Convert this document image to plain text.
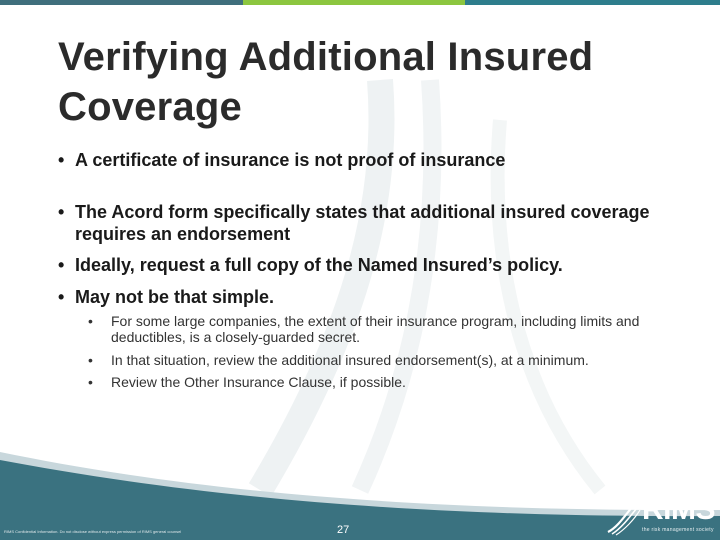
Verifying Additional Insured
Coverage
• A certificate of insurance is not proof of insurance
• The Acord form specifically states that additional insured coverage requires an endorsement
• Ideally, request a full copy of the Named Insured’s policy.
• May not be that simple.
• For some large companies, the extent of their insurance program, including limits and deductibles, is a closely-guarded secret.
• In that situation, review the additional insured endorsement(s), at a minimum.
• Review the Other Insurance Clause, if possible.
RIMS Confidential Information. Do not disclose without express permission of RIMS general counsel	27
RIMS
the risk management society
